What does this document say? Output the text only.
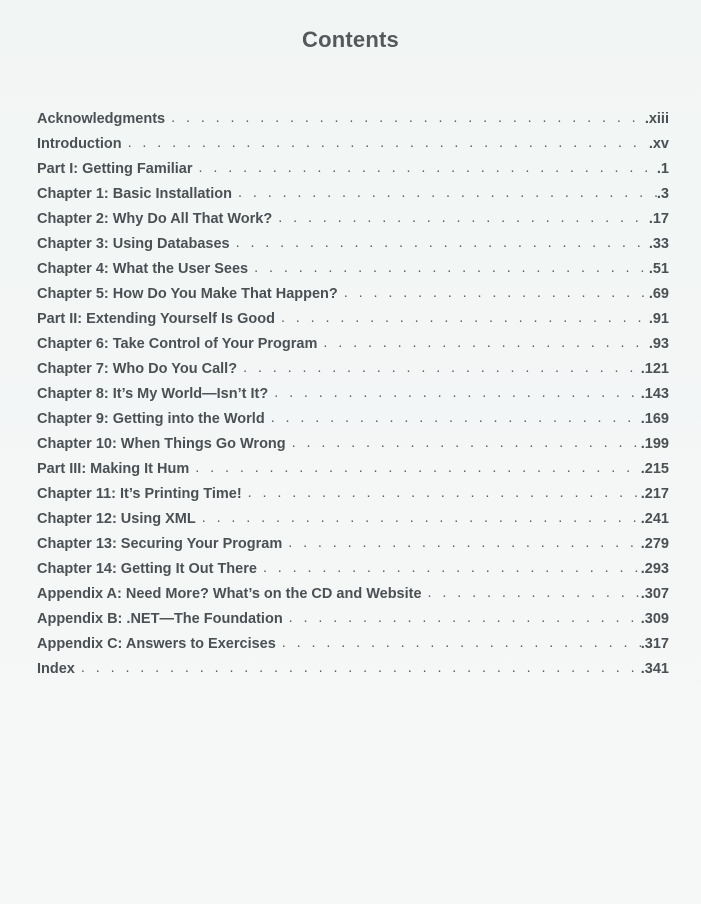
Contents
Acknowledgments . . .	.xiii
Introduction . . .	.xv
Part I: Getting Familiar . . .	.1
Chapter 1: Basic Installation . . .	.3
Chapter 2: Why Do All That Work? . . .	.17
Chapter 3: Using Databases . . .	.33
Chapter 4: What the User Sees . . .	.51
Chapter 5: How Do You Make That Happen? . . .	.69
Part II: Extending Yourself Is Good . . .	.91
Chapter 6: Take Control of Your Program . . .	.93
Chapter 7: Who Do You Call? . . .	.121
Chapter 8: It’s My World—Isn’t It? . . .	.143
Chapter 9: Getting into the World . . .	.169
Chapter 10: When Things Go Wrong . . .	.199
Part III: Making It Hum . . .	.215
Chapter 11: It’s Printing Time! . . .	.217
Chapter 12: Using XML . . .	.241
Chapter 13: Securing Your Program . . .	.279
Chapter 14: Getting It Out There . . .	.293
Appendix A: Need More? What’s on the CD and Website . . .	.307
Appendix B: .NET—The Foundation . . .	.309
Appendix C: Answers to Exercises . . .	.317
Index . . .	.341
